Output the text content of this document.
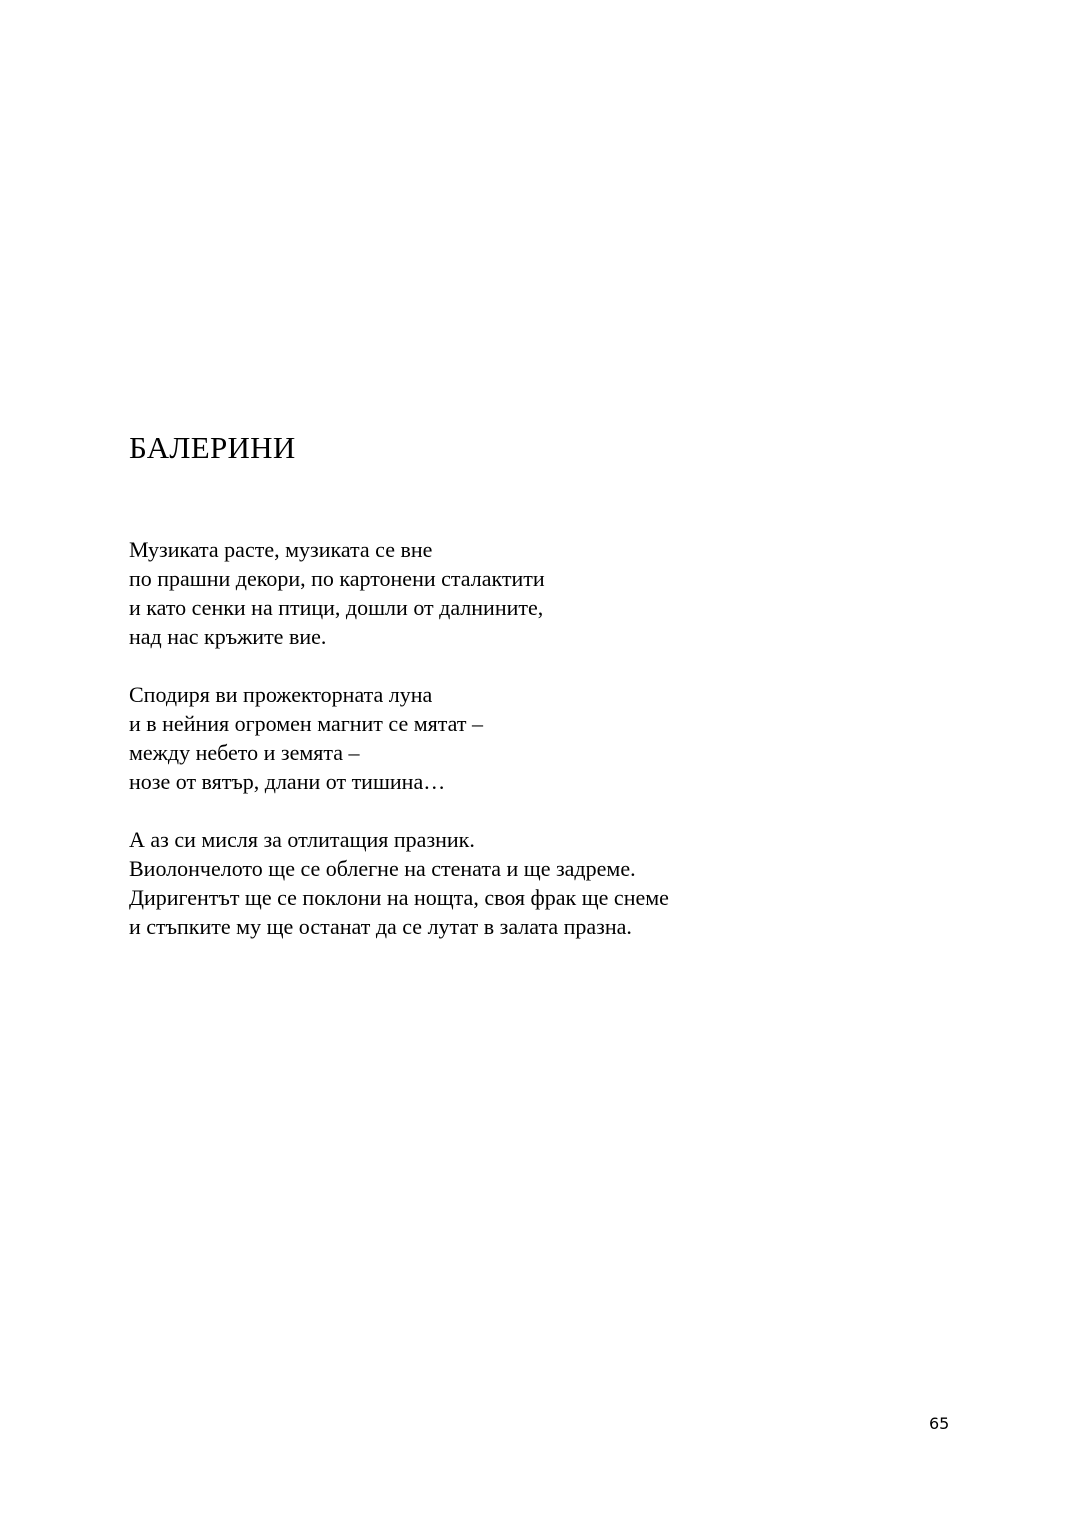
БАЛЕРИНИ
Музиката расте, музиката се вне
по прашни декори, по картонени сталактити
и като сенки на птици, дошли от далнините,
над нас кръжите вие.
Сподиря ви прожекторната луна
и в нейния огромен магнит се мятат –
между небето и земята –
нозе от вятър, длани от тишина…
А аз си мисля за отлитащия празник.
Виолончелото ще се облегне на стената и ще задреме.
Диригентът ще се поклони на нощта, своя фрак ще снеме
и стъпките му ще останат да се лутат в залата празна.
65
